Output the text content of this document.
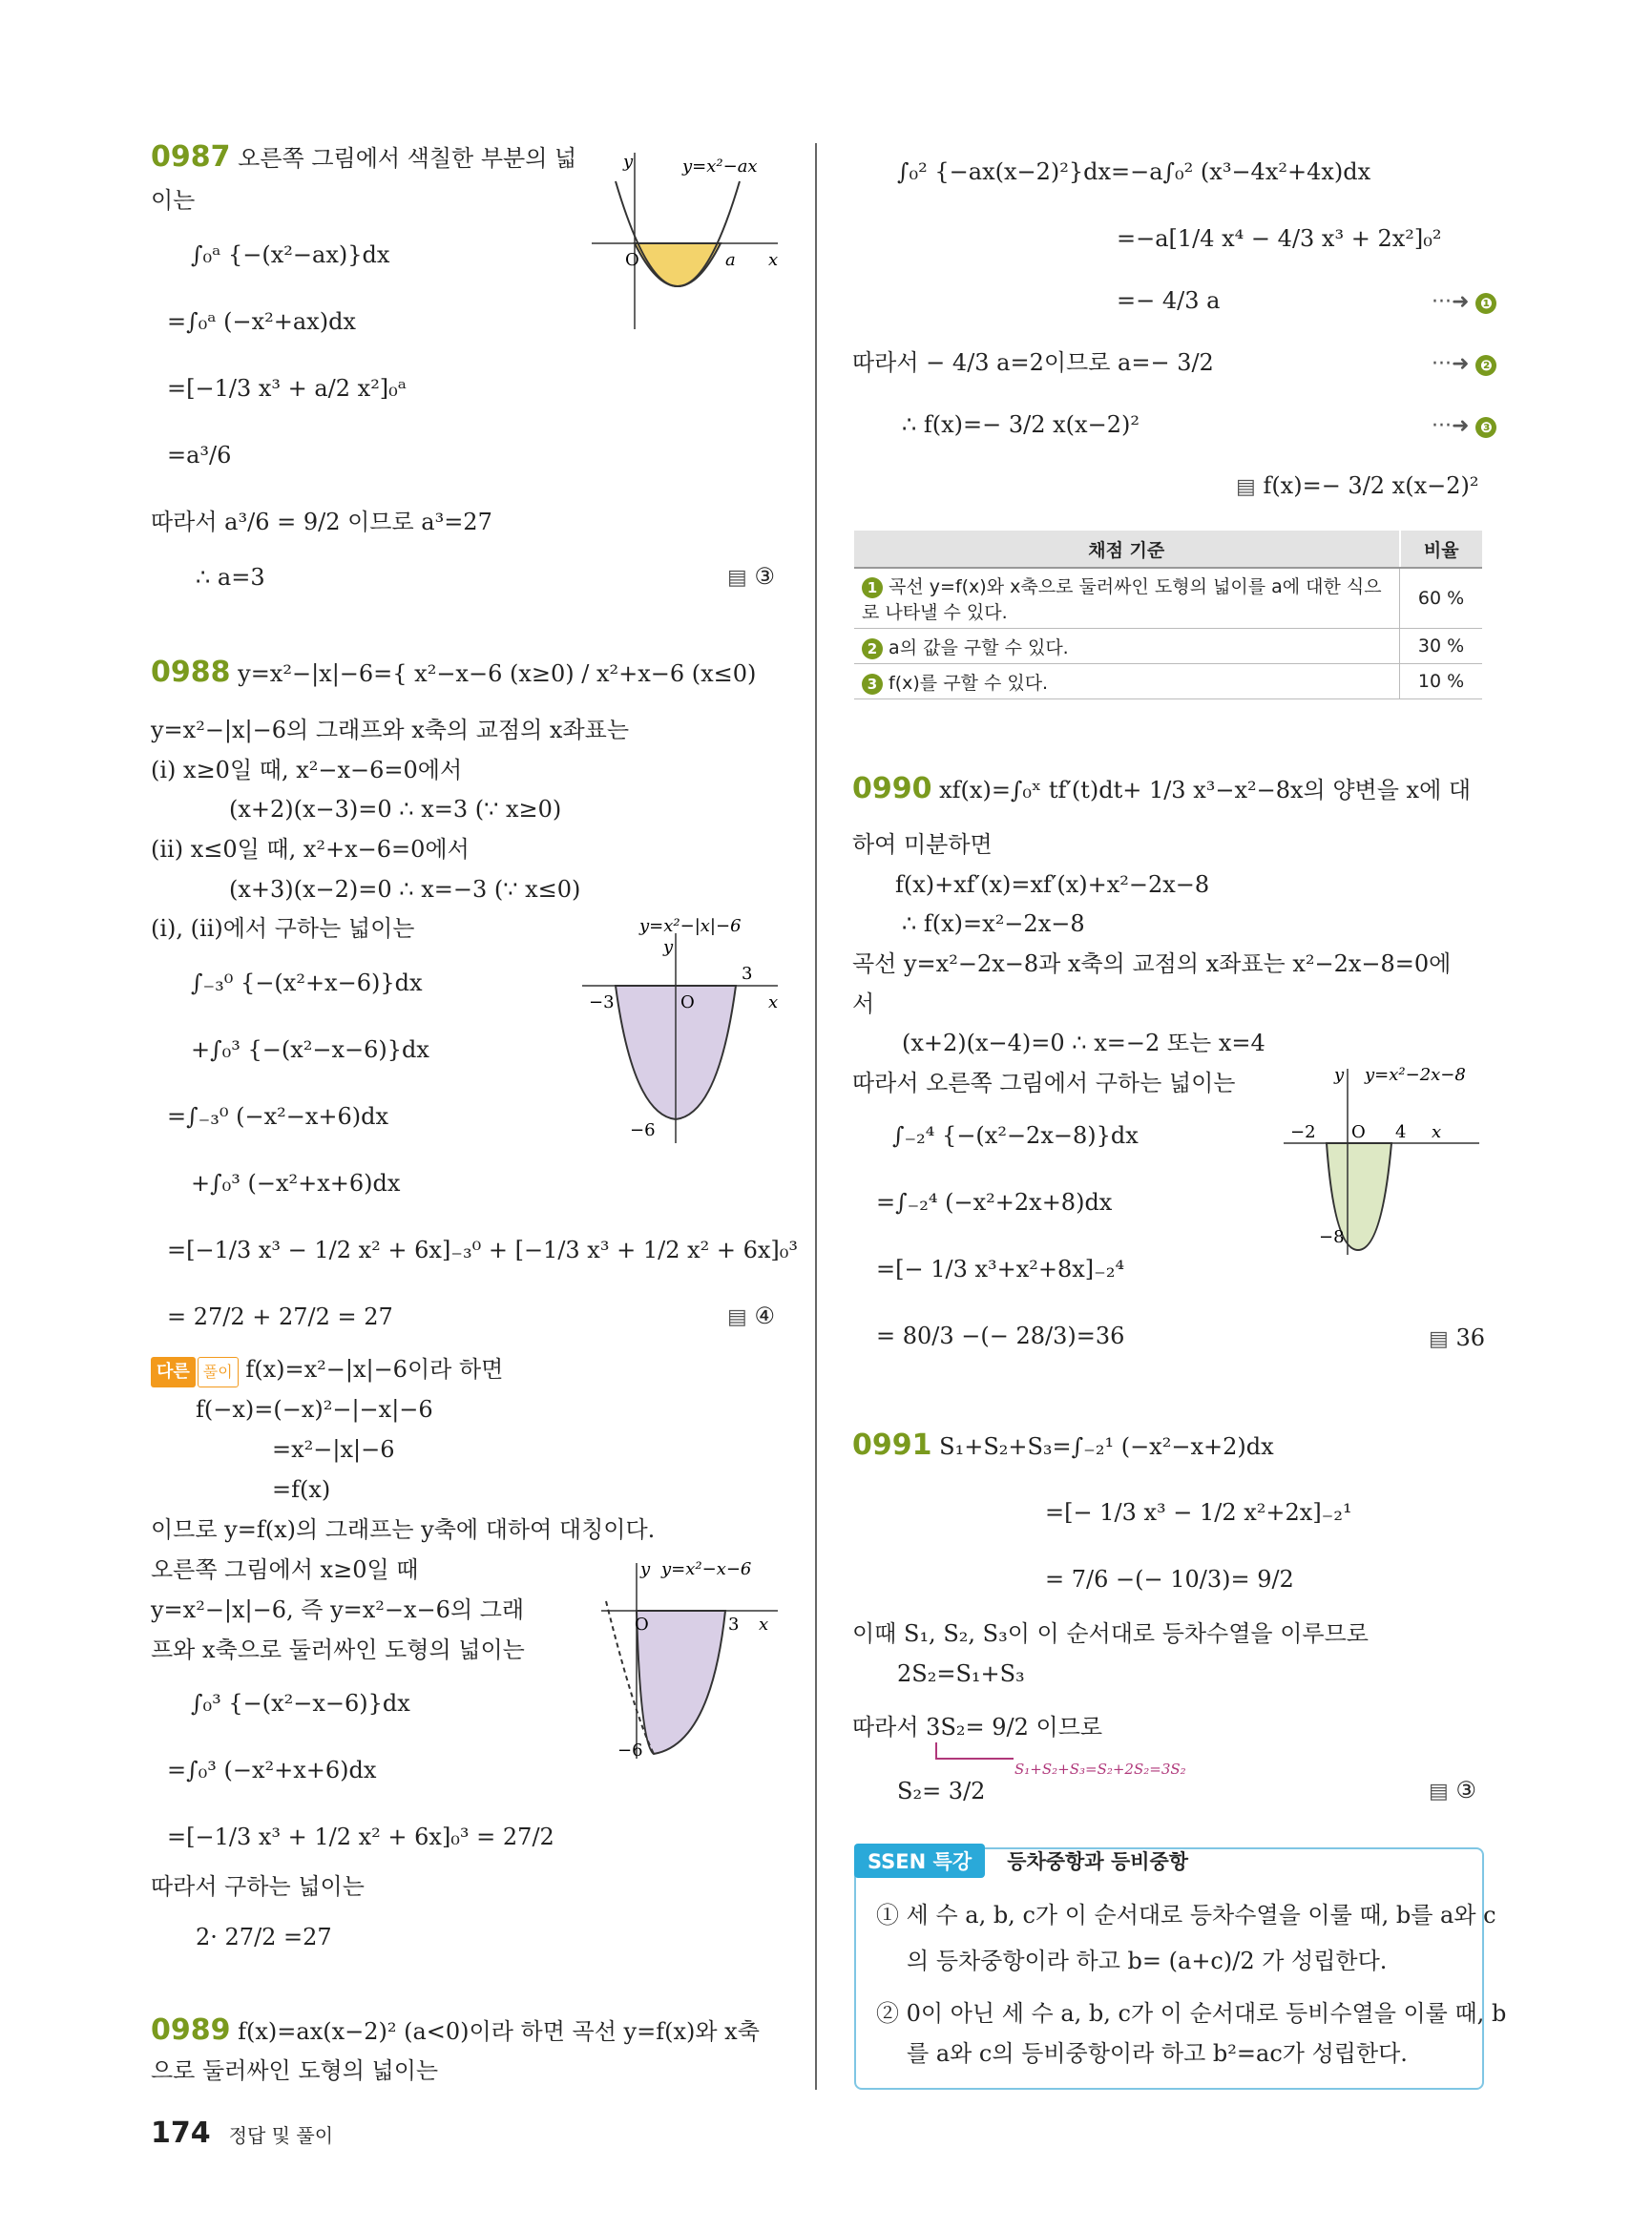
0987 오른쪽 그림에서 색칠한 부분의 넓
이는
∫₀ᵃ {−(x²−ax)}dx
=∫₀ᵃ (−x²+ax)dx
=[−1/3 x³ + a/2 x²]₀ᵃ
=a³/6
따라서 a³/6 = 9/2 이므로 a³=27
∴ a=3	▤ ③
O	a x
y	y=x²−ax
0988 y=x²−|x|−6={ x²−x−6 (x≥0) / x²+x−6 (x≤0)
y=x²−|x|−6의 그래프와 x축의 교점의 x좌표는
(i) x≥0일 때, x²−x−6=0에서
(x+2)(x−3)=0 ∴ x=3 (∵ x≥0)
(ii) x≤0일 때, x²+x−6=0에서
(x+3)(x−2)=0 ∴ x=−3 (∵ x≤0)
(i), (ii)에서 구하는 넓이는
∫₋₃⁰ {−(x²+x−6)}dx
+∫₀³ {−(x²−x−6)}dx
=∫₋₃⁰ (−x²−x+6)dx
+∫₀³ (−x²+x+6)dx
=[−1/3 x³ − 1/2 x² + 6x]₋₃⁰ + [−1/3 x³ + 1/2 x² + 6x]₀³
= 27/2 + 27/2 = 27	▤ ④
−3
3
O
−6
x
y
y=x²−|x|−6
다른 풀이 f(x)=x²−|x|−6이라 하면
f(−x)=(−x)²−|−x|−6
=x²−|x|−6
=f(x)
이므로 y=f(x)의 그래프는 y축에 대하여 대칭이다.
오른쪽 그림에서 x≥0일 때
y=x²−|x|−6, 즉 y=x²−x−6의 그래
프와 x축으로 둘러싸인 도형의 넓이는
∫₀³ {−(x²−x−6)}dx
=∫₀³ (−x²+x+6)dx
=[−1/3 x³ + 1/2 x² + 6x]₀³ = 27/2
따라서 구하는 넓이는
2· 27/2 =27
3
O
−6
x
y y=x²−x−6
0989 f(x)=ax(x−2)² (a<0)이라 하면 곡선 y=f(x)와 x축
으로 둘러싸인 도형의 넓이는
∫₀² {−ax(x−2)²}dx=−a∫₀² (x³−4x²+4x)dx
=−a[1/4 x⁴ − 4/3 x³ + 2x²]₀²
=− 4/3 a	···➜ ❶
따라서 − 4/3 a=2이므로 a=− 3/2	···➜ ❷
∴ f(x)=− 3/2 x(x−2)²	···➜ ❸
▤ f(x)=− 3/2 x(x−2)²
채점 기준	비율
1 곡선 y=f(x)와 x축으로 둘러싸인 도형의 넓이를 a에 대한 식으로 나타낼 수 있다.	60 %
2 a의 값을 구할 수 있다.	30 %
3 f(x)를 구할 수 있다.	10 %
0990 xf(x)=∫₀ˣ tf′(t)dt+ 1/3 x³−x²−8x의 양변을 x에 대
하여 미분하면
f(x)+xf′(x)=xf′(x)+x²−2x−8
∴ f(x)=x²−2x−8
곡선 y=x²−2x−8과 x축의 교점의 x좌표는 x²−2x−8=0에
서
(x+2)(x−4)=0 ∴ x=−2 또는 x=4
따라서 오른쪽 그림에서 구하는 넓이는
∫₋₂⁴ {−(x²−2x−8)}dx
=∫₋₂⁴ (−x²+2x+8)dx
=[− 1/3 x³+x²+8x]₋₂⁴
= 80/3 −(− 28/3)=36	▤ 36
−2	4
O
−8
x
y y=x²−2x−8
0991 S₁+S₂+S₃=∫₋₂¹ (−x²−x+2)dx
=[− 1/3 x³ − 1/2 x²+2x]₋₂¹
= 7/6 −(− 10/3)= 9/2
이때 S₁, S₂, S₃이 이 순서대로 등차수열을 이루므로
2S₂=S₁+S₃
따라서 3S₂= 9/2 이므로
S₁+S₂+S₃=S₂+2S₂=3S₂
S₂= 3/2	▤ ③
SSEN 특강 등차중항과 등비중항
① 세 수 a, b, c가 이 순서대로 등차수열을 이룰 때, b를 a와 c
의 등차중항이라 하고 b= (a+c)/2 가 성립한다.
② 0이 아닌 세 수 a, b, c가 이 순서대로 등비수열을 이룰 때, b
를 a와 c의 등비중항이라 하고 b²=ac가 성립한다.
174 정답 및 풀이
